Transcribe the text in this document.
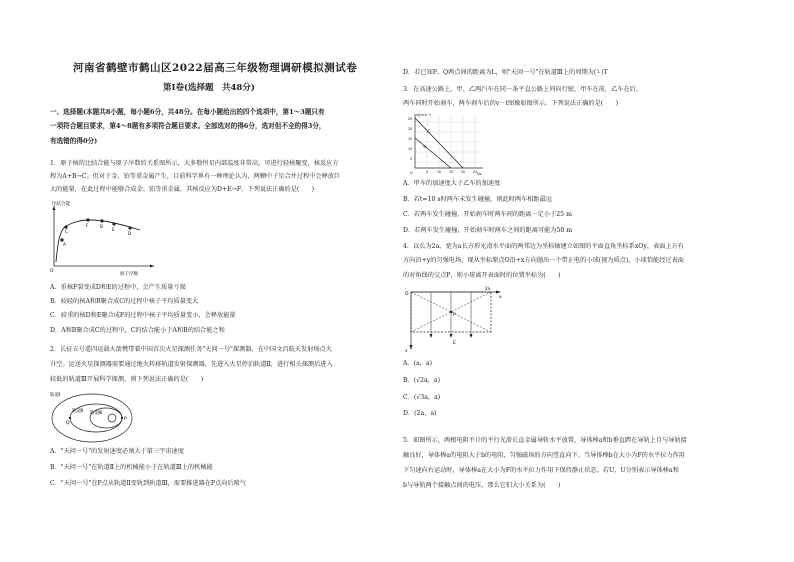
河南省鹤壁市鹤山区2022届高三年级物理调研模拟测试卷
第Ⅰ卷(选择题　共48分)
一、选择题(本题共8小题，每小题6分，共48分。在每小题给出的四个选项中，第1～3题只有
一项符合题目要求，第4～8题有多项符合题目要求。全部选对的得6分，选对但不全的得3分，
有选错的得0分)
1．原子核的比结合能与原子序数的关系图所示，大多数恒星内部温度非常高，可进行轻核聚变，核反应方
程为A+B→C。但对于金、铂等重金属产生，目前科学界有一种理论认为，两颗中子星合并过程中会释放巨
大的能量，在此过程中能够合成金、铂等重金属，其核反应为D+E→F。下列说法正确的是(　　)
比结合能
原子序数
O
A
C
F	B
E
D
A．重核F裂变成D和E的过程中，会产生质量亏损
B．较轻的核A和B聚合成C的过程中核子平均质量变大
C．较重的核D和E聚合成F的过程中核子平均质量变小，会释放能量
D．A和B聚合成C的过程中，C的结合能小于A和B的结合能之和
2．长征五号遥四运载火箭携带着中国首次火星探测任务"天问一号"探测器，在中国文昌航天发射场点火
升空。运送火星探测器需要通过地火转移轨道发射探测器，先进入火星停泊轨道Ⅱ，进行相关探测后进入
较低的轨道Ⅲ开展科学探测，则下列说法正确的是(　　)
轨道Ⅰ
轨道Ⅱ 轨道Ⅲ
Q
P
A．"天问一号"的发射速度必须大于第三宇宙速度
B．"天问一号"在轨道Ⅱ上的机械能小于在轨道Ⅲ上的机械能
C．"天问一号"在P点从轨道Ⅱ变轨到轨道Ⅲ，需要推进器在P点向后喷气
D．若已知P、Q两点间的距离为L，则"天问一号"在轨道Ⅲ上的周期为(L)T
3．在高速公路上，甲、乙两汽车在同一条平直公路上同向行驶，甲车在前，乙车在后，
两车同时开始刹车，两车刹车后的v－t图像如图所示。下列说法正确的是(　　)
v/(m·s⁻¹)
t/s
O
25
20
15
10
5
5	10 15 20 25
乙
甲
A．甲车的加速度大于乙车的加速度
B．若t=10 s时两车未发生碰撞，则此时两车相距最远
C．若两车发生碰撞，开始刹车时两车间的距离一定小于25 m
D．若两车发生碰撞，开始刹车时两车之间的距离可能为50 m
4．以长为2a、宽为a长方形光滑水平面的两邻边为坐标轴建立如图的平面直角坐标系xOy，表面上方有
方向沿+y的匀强电场，现从坐标原点O沿+x方向抛出一个带正电的小球(视为质点)，小球恰能经过表面
的对角线的交点P，则小球离开表面时的位置坐标为(　　)
2a
y
O
x
E
P
A．(a，a)
B．(√2a，a)
C．(√3a，a)
D．(2a，a)
5．如图所示，两根电阻不计的平行光滑长直金属导轨水平放置，导体棒a和b垂直跨在导轨上且与导轨接
触良好，导体棒a的电阻大于b的电阻，匀强磁场的方向竖直向下。当导体棒b在大小为F的水平拉力作用
下匀速向右运动时，导体棒a在大小为F的水平拉力作用下保持静止状态。若U、U分别表示导体棒a和
b与导轨两个接触点间的电压，那么它们大小关系为(　　)
